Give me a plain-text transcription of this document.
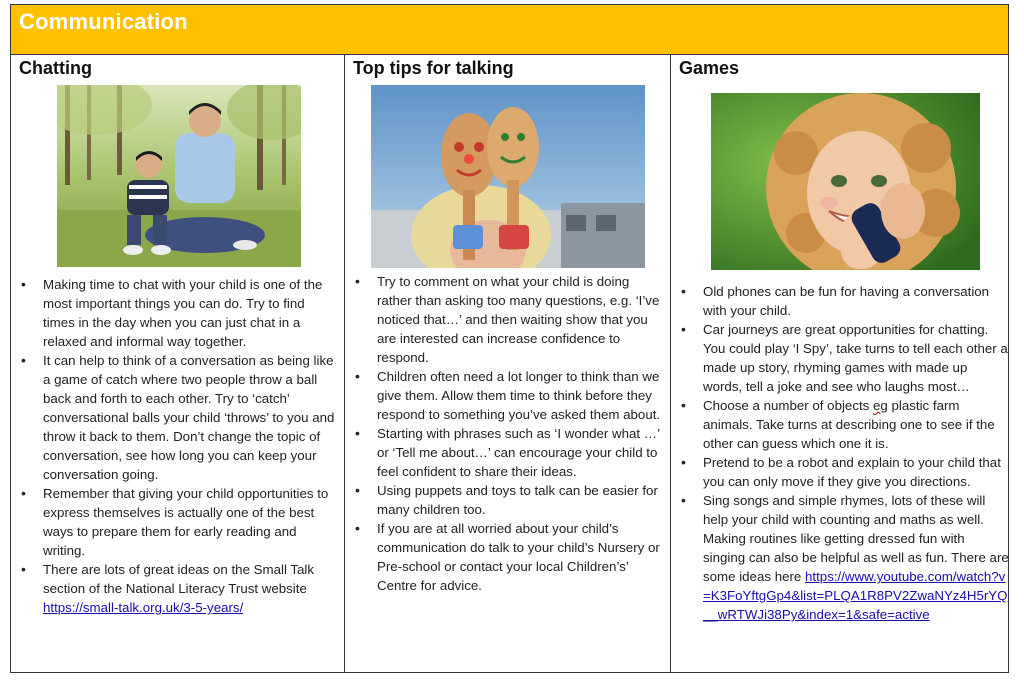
Communication
Chatting
• Making time to chat with your child is one of the most important things you can do. Try to find times in the day when you can just chat in a relaxed and informal way together.
• It can help to think of a conversation as being like a game of catch where two people throw a ball back and forth to each other. Try to ‘catch’ conversational balls your child ‘throws’ to you and throw it back to them. Don’t change the topic of conversation, see how long you can keep your conversation going.
• Remember that giving your child opportunities to express themselves is actually one of the best ways to prepare them for early reading and writing.
• There are lots of great ideas on the Small Talk section of the National Literacy Trust website https://small-talk.org.uk/3-5-years/
Top tips for talking
• Try to comment on what your child is doing rather than asking too many questions, e.g. ‘I’ve noticed that…’ and then waiting show that you are interested can increase confidence to respond.
• Children often need a lot longer to think than we give them. Allow them time to think before they respond to something you’ve asked them about.
• Starting with phrases such as ‘I wonder what …’ or ‘Tell me about…’ can encourage your child to feel confident to share their ideas.
• Using puppets and toys to talk can be easier for many children too.
• If you are at all worried about your child’s communication do talk to your child’s Nursery or Pre-school or contact your local Children’s’ Centre for advice.
Games
• Old phones can be fun for having a conversation with your child.
• Car journeys are great opportunities for chatting. You could play ‘I Spy’, take turns to tell each other a made up story, rhyming games with made up words, tell a joke and see who laughs most…
• Choose a number of objects eg plastic farm animals. Take turns at describing one to see if the other can guess which one it is.
• Pretend to be a robot and explain to your child that you can only move if they give you directions.
• Sing songs and simple rhymes, lots of these will help your child with counting and maths as well. Making routines like getting dressed fun with singing can also be helpful as well as fun. There are some ideas here https://www.youtube.com/watch?v=K3FoYftgGp4&list=PLQA1R8PV2ZwaNYz4H5rYQ__wRTWJi38Py&index=1&safe=active
